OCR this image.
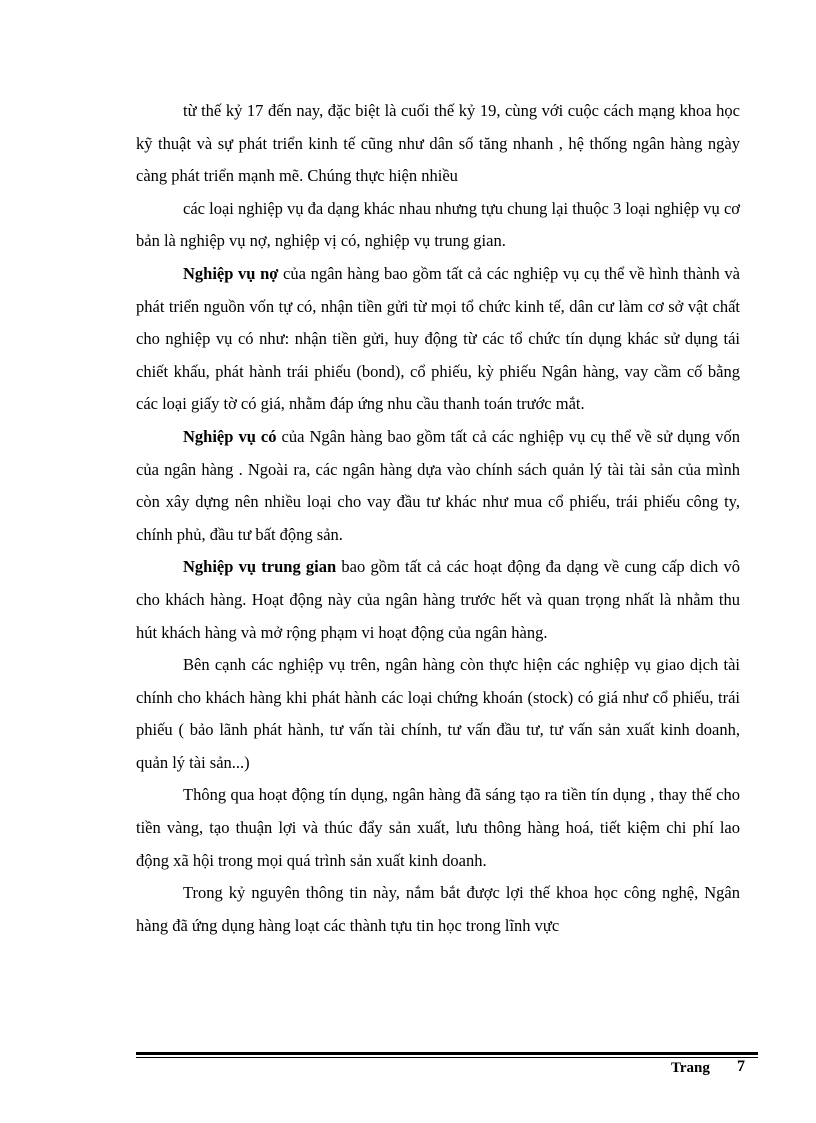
từ thế kỷ 17 đến nay, đặc biệt là cuối thế kỷ 19, cùng với cuộc cách mạng khoa học kỹ thuật và sự phát triển kinh tế cũng như dân số tăng nhanh , hệ thống ngân hàng ngày càng phát triển mạnh mẽ. Chúng thực hiện nhiều

các loại nghiệp vụ đa dạng khác nhau nhưng tựu chung lại thuộc 3 loại nghiệp vụ cơ bản là nghiệp vụ nợ, nghiệp vị có, nghiệp vụ trung gian.

Nghiệp vụ nợ của ngân hàng bao gồm tất cả các nghiệp vụ cụ thể về hình thành và phát triển nguồn vốn tự có, nhận tiền gửi từ mọi tổ chức kinh tế, dân cư làm cơ sở vật chất cho nghiệp vụ có như: nhận tiền gửi, huy động từ các tổ chức tín dụng khác sử dụng tái chiết khấu, phát hành trái phiếu (bond), cổ phiếu, kỳ phiếu Ngân hàng, vay cầm cố bằng các loại giấy tờ có giá, nhằm đáp ứng nhu cầu thanh toán trước mắt.

Nghiệp vụ có của Ngân hàng bao gồm tất cả các nghiệp vụ cụ thể về sử dụng vốn của ngân hàng . Ngoài ra, các ngân hàng dựa vào chính sách quản lý tài tài sản của mình còn xây dựng nên nhiều loại cho vay đầu tư khác như mua cổ phiếu, trái phiếu công ty, chính phủ, đầu tư bất động sản.

Nghiệp vụ trung gian bao gồm tất cả các hoạt động đa dạng về cung cấp dich vô cho khách hàng. Hoạt động này của ngân hàng trước hết và quan trọng nhất là nhằm thu hút khách hàng và mở rộng phạm vi hoạt động của ngân hàng.

Bên cạnh các nghiệp vụ trên, ngân hàng còn thực hiện các nghiệp vụ giao dịch tài chính cho khách hàng khi phát hành các loại chứng khoán (stock) có giá như cổ phiếu, trái phiếu ( bảo lãnh phát hành, tư vấn tài chính, tư vấn đầu tư, tư vấn sản xuất kinh doanh, quản lý tài sản...)

Thông qua hoạt động tín dụng, ngân hàng đã sáng tạo ra tiền tín dụng , thay thế cho tiền vàng, tạo thuận lợi và thúc đẩy sản xuất, lưu thông hàng hoá, tiết kiệm chi phí lao động xã hội trong mọi quá trình sản xuất kinh doanh.

Trong kỷ nguyên thông tin này, nắm bắt được lợi thế khoa học công nghệ, Ngân hàng đã ứng dụng hàng loạt các thành tựu tin học trong lĩnh vực

Trang 7
